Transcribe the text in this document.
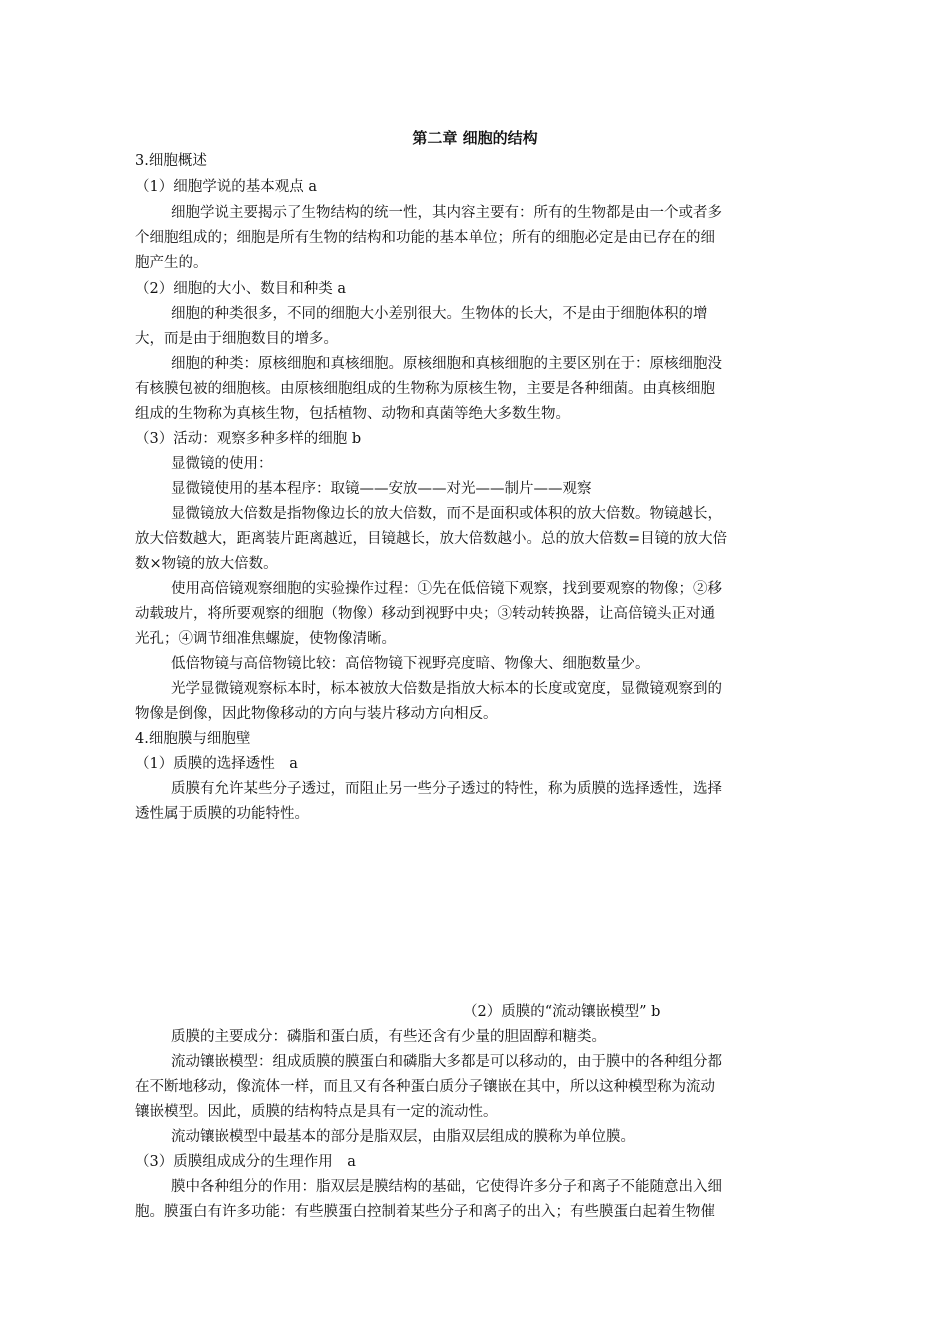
第二章 细胞的结构
3.细胞概述
（1）细胞学说的基本观点 a
细胞学说主要揭示了生物结构的统一性，其内容主要有：所有的生物都是由一个或者多
个细胞组成的；细胞是所有生物的结构和功能的基本单位；所有的细胞必定是由已存在的细
胞产生的。
（2）细胞的大小、数目和种类 a
细胞的种类很多，不同的细胞大小差别很大。生物体的长大，不是由于细胞体积的增
大，而是由于细胞数目的增多。
细胞的种类：原核细胞和真核细胞。原核细胞和真核细胞的主要区别在于：原核细胞没
有核膜包被的细胞核。由原核细胞组成的生物称为原核生物，主要是各种细菌。由真核细胞
组成的生物称为真核生物，包括植物、动物和真菌等绝大多数生物。
（3）活动：观察多种多样的细胞 b
显微镜的使用：
显微镜使用的基本程序：取镜——安放——对光——制片——观察
显微镜放大倍数是指物像边长的放大倍数，而不是面积或体积的放大倍数。物镜越长，
放大倍数越大，距离装片距离越近，目镜越长，放大倍数越小。总的放大倍数=目镜的放大倍
数×物镜的放大倍数。
使用高倍镜观察细胞的实验操作过程：①先在低倍镜下观察，找到要观察的物像；②移
动载玻片，将所要观察的细胞（物像）移动到视野中央；③转动转换器，让高倍镜头正对通
光孔；④调节细准焦螺旋，使物像清晰。
低倍物镜与高倍物镜比较：高倍物镜下视野亮度暗、物像大、细胞数量少。
光学显微镜观察标本时，标本被放大倍数是指放大标本的长度或宽度，显微镜观察到的
物像是倒像，因此物像移动的方向与装片移动方向相反。
4.细胞膜与细胞壁
（1）质膜的选择透性　a
质膜有允许某些分子透过，而阻止另一些分子透过的特性，称为质膜的选择透性，选择
透性属于质膜的功能特性。
（2）质膜的“流动镶嵌模型” b
质膜的主要成分：磷脂和蛋白质，有些还含有少量的胆固醇和糖类。
流动镶嵌模型：组成质膜的膜蛋白和磷脂大多都是可以移动的，由于膜中的各种组分都
在不断地移动，像流体一样，而且又有各种蛋白质分子镶嵌在其中，所以这种模型称为流动
镶嵌模型。因此，质膜的结构特点是具有一定的流动性。
流动镶嵌模型中最基本的部分是脂双层，由脂双层组成的膜称为单位膜。
（3）质膜组成成分的生理作用　a
膜中各种组分的作用：脂双层是膜结构的基础，它使得许多分子和离子不能随意出入细
胞。膜蛋白有许多功能：有些膜蛋白控制着某些分子和离子的出入；有些膜蛋白起着生物催
